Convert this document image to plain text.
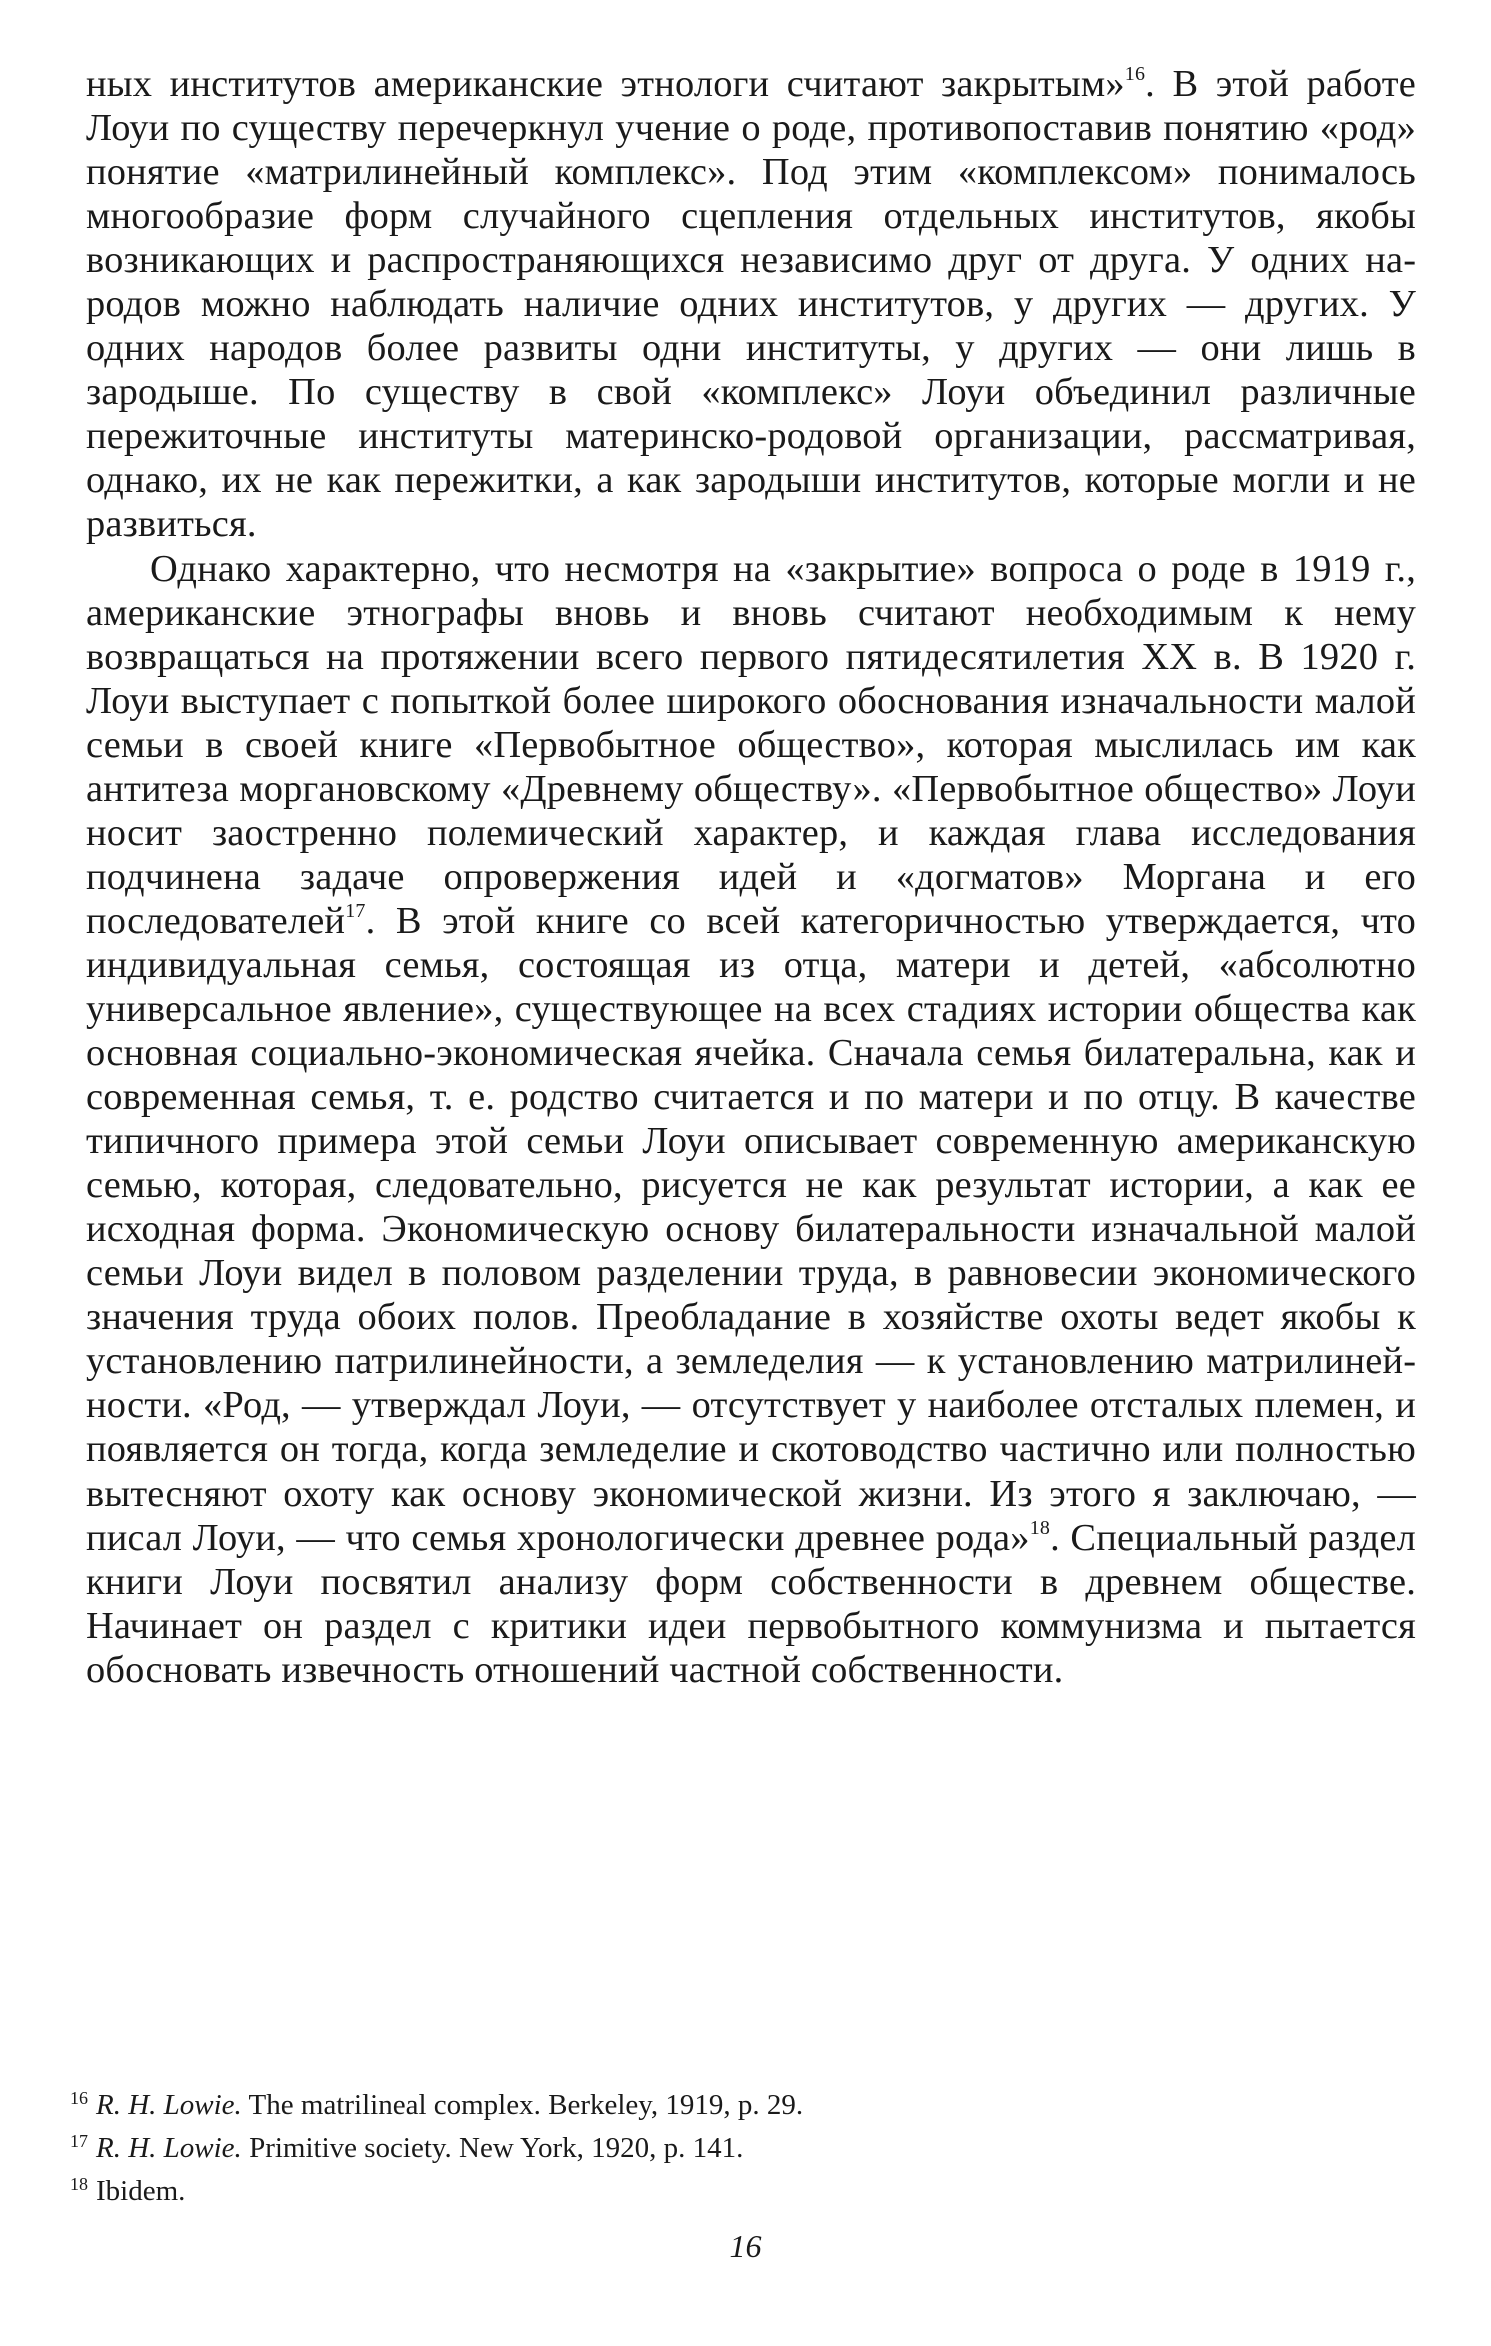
ных институтов американские этнологи считают закрытым»$^{16}$. В этой работе Лоуи по существу перечеркнул учение о роде, противопоставив понятию «род» понятие «матрилинейный комплекс». Под этим «комплексом» понималось многообразие форм случайного сцепления отдельных институтов, якобы возникающих и распространяющихся независимо друг от друга. У одних народов можно наблюдать наличие одних институтов, у других — других. У одних народов более развиты одни институты, у других — они лишь в зародыше. По существу в свой «комплекс» Лоуи объединил различные пережиточные институты материнско-родовой организации, рассматривая, однако, их не как пережитки, а как зародыши институтов, которые могли и не развиться.

Однако характерно, что несмотря на «закрытие» вопроса о роде в 1919 г., американские этнографы вновь и вновь считают необходимым к нему возвращаться на протяжении всего первого пятидесятилетия XX в. В 1920 г. Лоуи выступает с попыткой более широкого обоснования изначальности малой семьи в своей книге «Первобытное общество», которая мыслилась им как антитеза моргановскому «Древнему обществу». «Первобытное общество» Лоуи носит заостренно полемический характер, и каждая глава исследования подчинена задаче опровержения идей и «догматов» Моргана и его последователей$^{17}$. В этой книге со всей категоричностью утверждается, что индивидуальная семья, состоящая из отца, матери и детей, «абсолютно универсальное явление», существующее на всех стадиях истории общества как основная социально-экономическая ячейка. Сначала семья билатеральна, как и современная семья, т. е. родство считается и по матери и по отцу. В качестве типичного примера этой семьи Лоуи описывает современную американскую семью, которая, следовательно, рисуется не как результат истории, а как ее исходная форма. Экономическую основу билатеральности изначальной малой семьи Лоуи видел в половом разделении труда, в равновесии экономического значения труда обоих полов. Преобладание в хозяйстве охоты ведет якобы к установлению патрилинейности, а земледелия — к установлению матрилинейности. «Род, — утверждал Лоуи, — отсутствует у наиболее отсталых племен, и появляется он тогда, когда земледелие и скотоводство частично или полностью вытесняют охоту как основу экономической жизни. Из этого я заключаю, — писал Лоуи, — что семья хронологически древнее рода»$^{18}$. Специальный раздел книги Лоуи посвятил анализу форм собственности в древнем обществе. Начинает он раздел с критики идеи первобытного коммунизма и пытается обосновать извечность отношений частной собственности.

$^{16}$ R. H. Lowie. The matrilineal complex. Berkeley, 1919, p. 29.

$^{17}$ R. H. Lowie. Primitive society. New York, 1920, p. 141.

$^{18}$ Ibidem.

16
